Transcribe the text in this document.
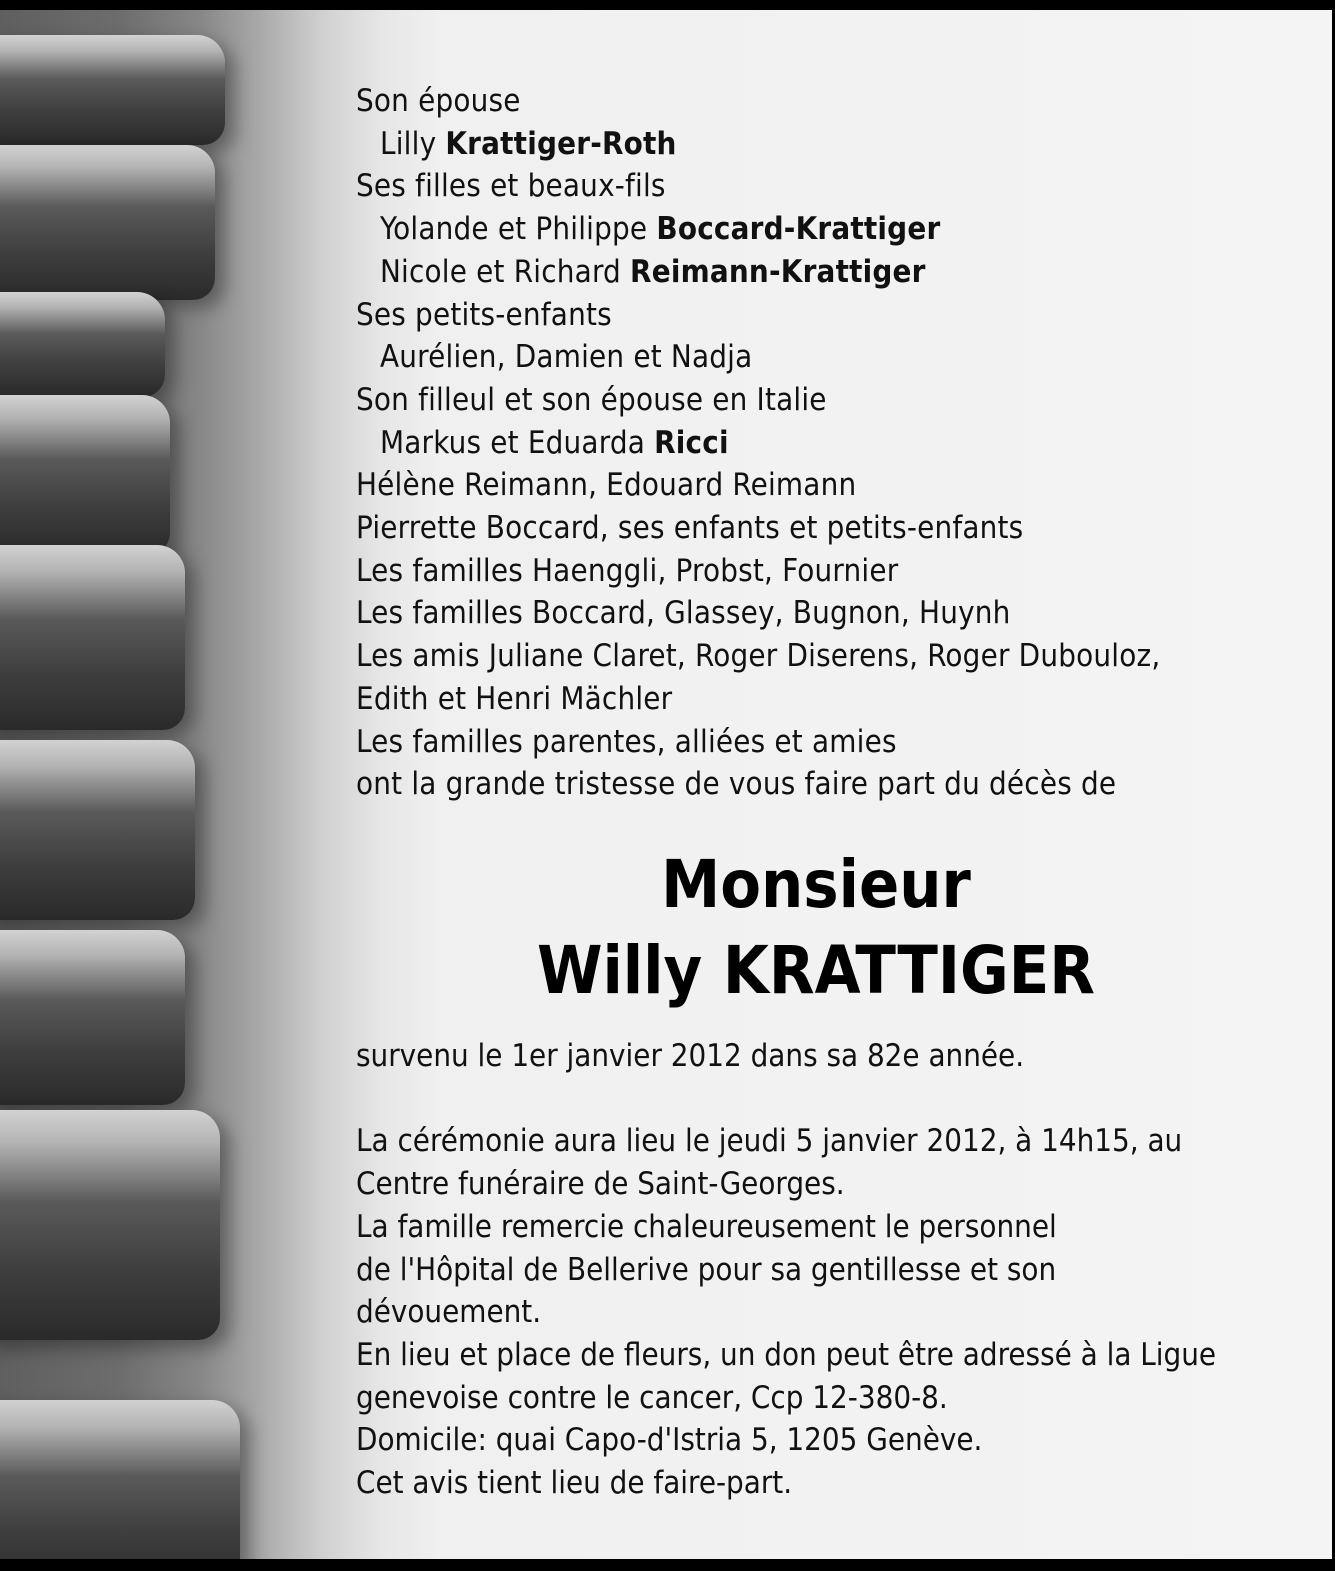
Son épouse
Lilly Krattiger-Roth
Ses filles et beaux-fils
Yolande et Philippe Boccard-Krattiger
Nicole et Richard Reimann-Krattiger
Ses petits-enfants
Aurélien, Damien et Nadja
Son filleul et son épouse en Italie
Markus et Eduarda Ricci
Hélène Reimann, Edouard Reimann
Pierrette Boccard, ses enfants et petits-enfants
Les familles Haenggli, Probst, Fournier
Les familles Boccard, Glassey, Bugnon, Huynh
Les amis Juliane Claret, Roger Diserens, Roger Dubouloz,
Edith et Henri Mächler
Les familles parentes, alliées et amies
ont la grande tristesse de vous faire part du décès de
Monsieur
Willy KRATTIGER
survenu le 1er janvier 2012 dans sa 82e année.
La cérémonie aura lieu le jeudi 5 janvier 2012, à 14h15, au
Centre funéraire de Saint-Georges.
La famille remercie chaleureusement le personnel
de l'Hôpital de Bellerive pour sa gentillesse et son
dévouement.
En lieu et place de fleurs, un don peut être adressé à la Ligue
genevoise contre le cancer, Ccp 12-380-8.
Domicile: quai Capo-d'Istria 5, 1205 Genève.
Cet avis tient lieu de faire-part.
